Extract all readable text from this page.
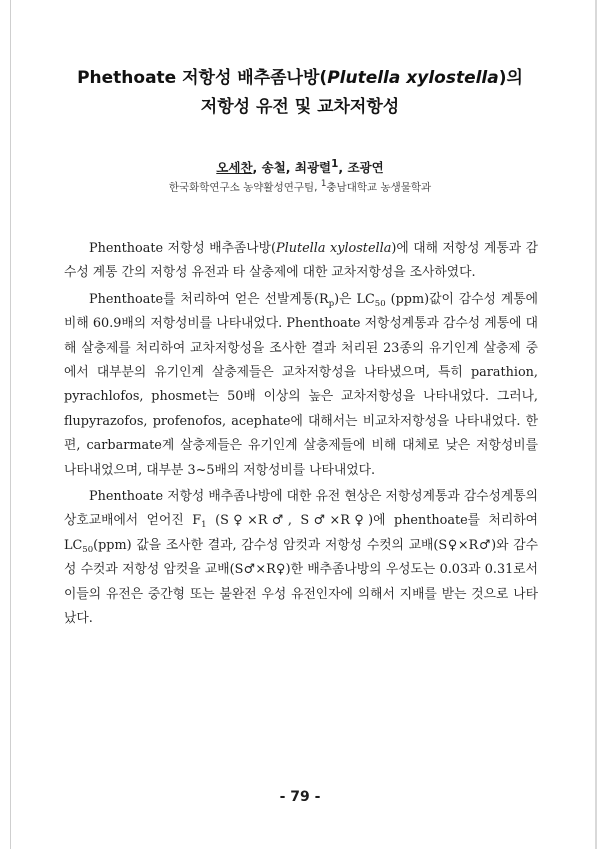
Phethoate 저항성 배추좀나방(Plutella xylostella)의
저항성 유전 및 교차저항성
오세찬, 송철, 최광렬$^1$, 조광연
한국화학연구소 농약활성연구팀, $^1$충남대학교 농생물학과

Phenthoate 저항성 배추좀나방(Plutella xylostella)에 대해 저항성 계통과 감수성 계통 간의 저항성 유전과 타 살충제에 대한 교차저항성을 조사하였다.

Phenthoate를 처리하여 얻은 선발계통$(R_p)$은 $LC_{50}$ (ppm)값이 감수성 계통에 비해 60.9배의 저항성비를 나타내었다. Phenthoate 저항성계통과 감수성 계통에 대해 살충제를 처리하여 교차저항성을 조사한 결과 처리된 23종의 유기인계 살충제 중에서 대부분의 유기인계 살충제들은 교차저항성을 나타냈으며, 특히 parathion, pyrachlofos, phosmet는 50배 이상의 높은 교차저항성을 나타내었다. 그러나, flupyrazofos, profenofos, acephate에 대해서는 비교차저항성을 나타내었다. 한편, carbarmate계 살충제들은 유기인계 살충제들에 비해 대체로 낮은 저항성비를 나타내었으며, 대부분 3~5배의 저항성비를 나타내었다.

Phenthoate 저항성 배추좀나방에 대한 유전 현상은 저항성계통과 감수성계통의 상호교배에서 얻어진 $F_1$ (S♀×R♂, S♂×R♀)에 phenthoate를 처리하여 $LC_{50}(ppm)$ 값을 조사한 결과, 감수성 암컷과 저항성 수컷의 교배(S♀×R♂)와 감수성 수컷과 저항성 암컷을 교배(S♂×R♀)한 배추좀나방의 우성도는 0.03과 0.31로서 이들의 유전은 중간형 또는 불완전 우성 유전인자에 의해서 지배를 받는 것으로 나타났다.

- 79 -
